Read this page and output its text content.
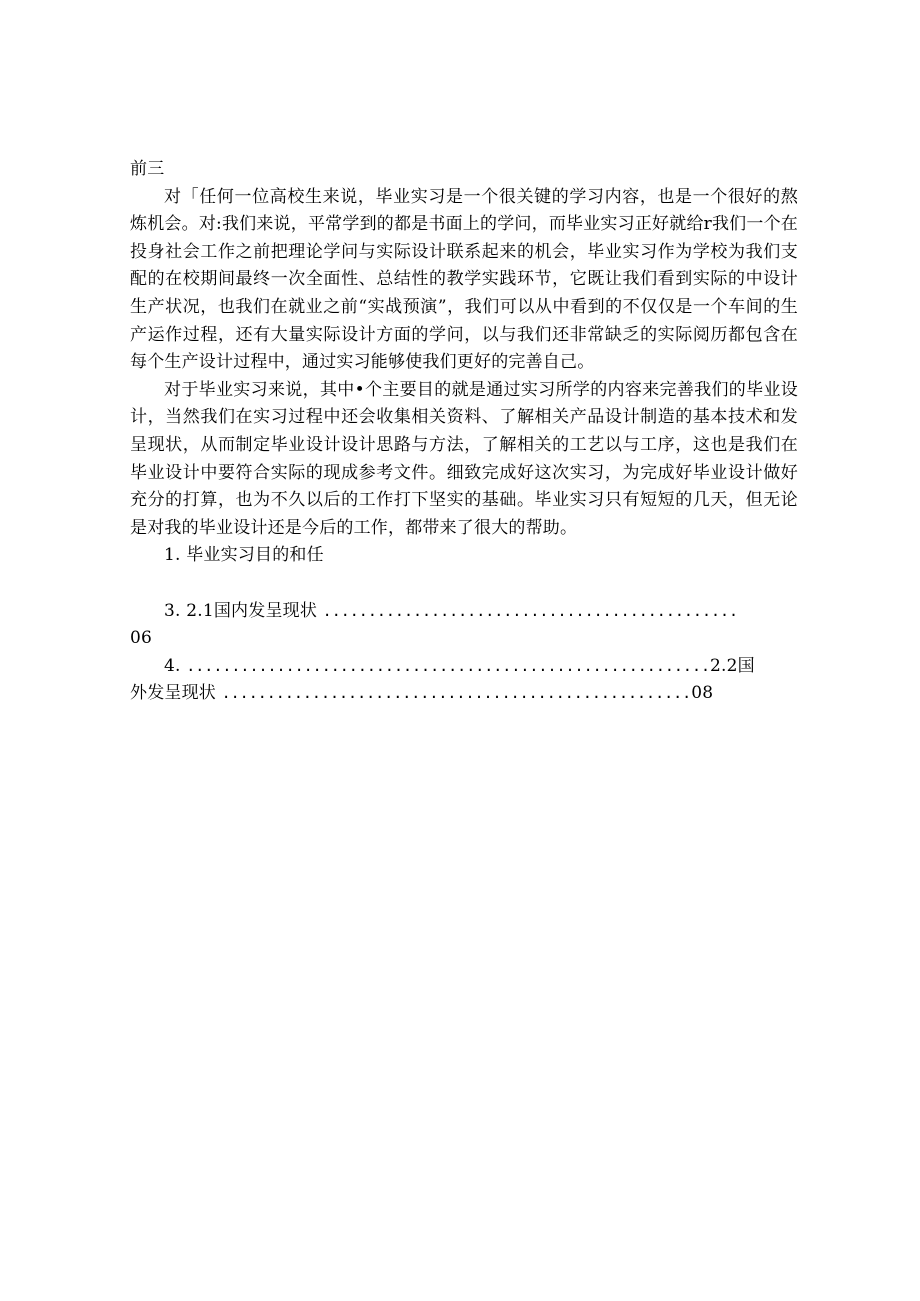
前三

对「任何一位高校生来说，毕业实习是一个很关键的学习内容，也是一个很好的熬炼机会。对:我们来说，平常学到的都是书面上的学问，而毕业实习正好就给r我们一个在投身社会工作之前把理论学问与实际设计联系起来的机会，毕业实习作为学校为我们支配的在校期间最终一次全面性、总结性的教学实践环节，它既让我们看到实际的中设计生产状况，也我们在就业之前“实战预演”，我们可以从中看到的不仅仅是一个车间的生产运作过程，还有大量实际设计方面的学问，以与我们还非常缺乏的实际阅历都包含在每个生产设计过程中，通过实习能够使我们更好的完善自己。

对于毕业实习来说，其中•个主要目的就是通过实习所学的内容来完善我们的毕业设计，当然我们在实习过程中还会收集相关资料、了解相关产品设计制造的基本技术和发呈现状，从而制定毕业设计设计思路与方法，了解相关的工艺以与工序，这也是我们在毕业设计中要符合实际的现成参考文件。细致完成好这次实习，为完成好毕业设计做好充分的打算，也为不久以后的工作打下坚实的基础。毕业实习只有短短的几天，但无论是对我的毕业设计还是今后的工作，都带来了很大的帮助。

1. 毕业实习目的和任

3. 2.1国内发呈现状 ..............................................

06

4. ..........................................................2.2国

外发呈现状 ....................................................08
